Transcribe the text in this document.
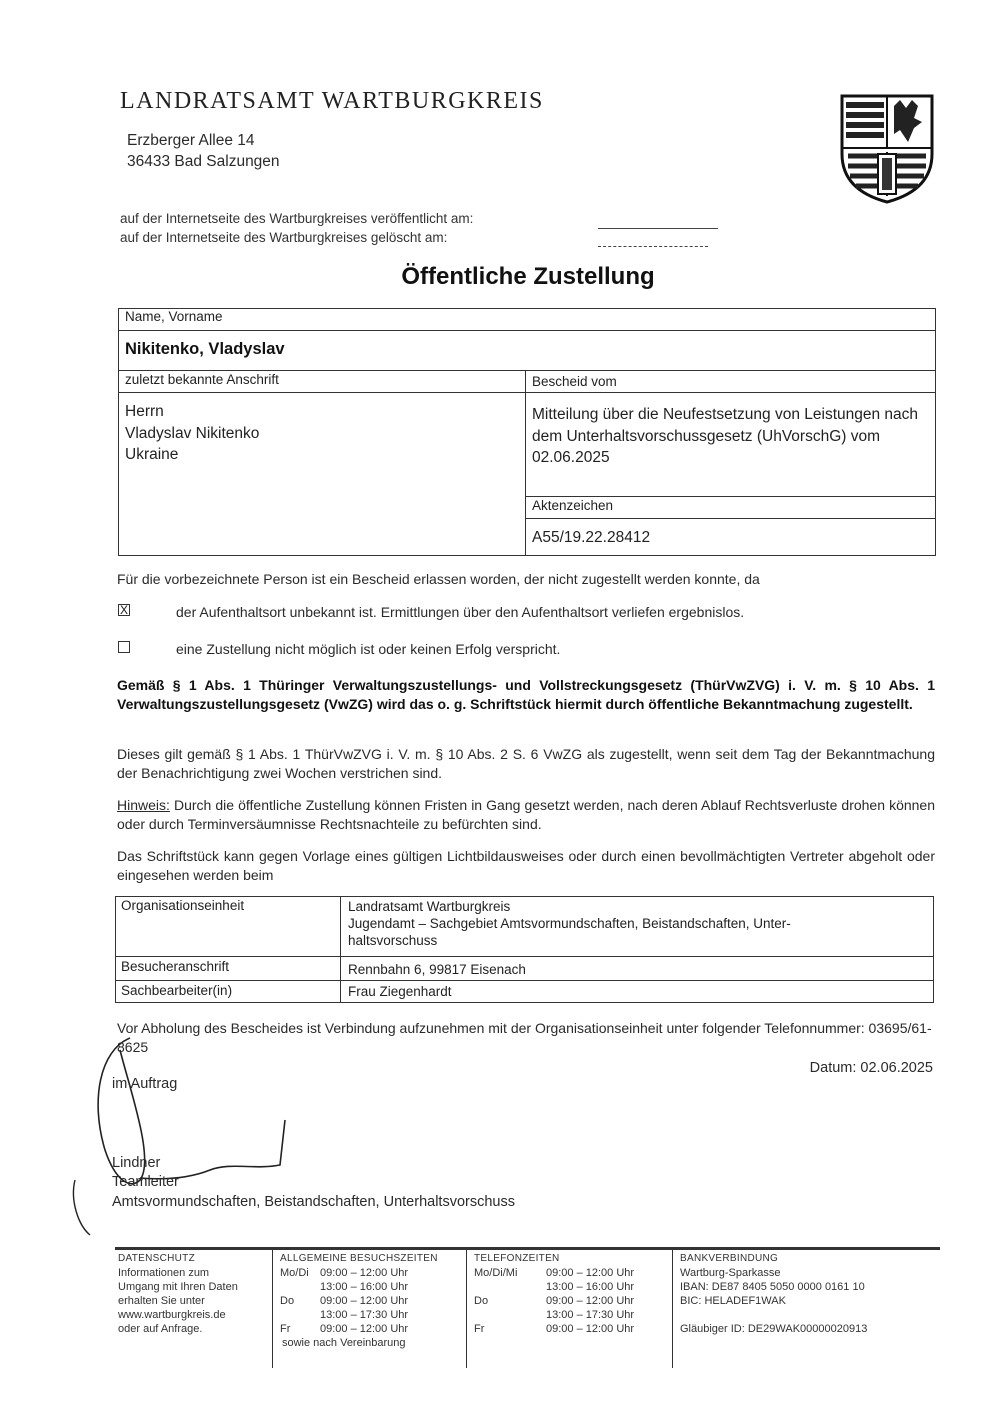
LANDRATSAMT WARTBURGKREIS
Erzberger Allee 14
36433 Bad Salzungen
auf der Internetseite des Wartburgkreises veröffentlicht am:
auf der Internetseite des Wartburgkreises gelöscht am:
Öffentliche Zustellung
Name, Vorname
Nikitenko, Vladyslav
zuletzt bekannte Anschrift	Bescheid vom
Herrn
Vladyslav Nikitenko
Ukraine
Mitteilung über die Neufestsetzung von Leistungen nach dem Unterhaltsvorschussgesetz (UhVorschG) vom 02.06.2025
Aktenzeichen
A55/19.22.28412
Für die vorbezeichnete Person ist ein Bescheid erlassen worden, der nicht zugestellt werden konnte, da
X	der Aufenthaltsort unbekannt ist. Ermittlungen über den Aufenthaltsort verliefen ergebnislos.
eine Zustellung nicht möglich ist oder keinen Erfolg verspricht.
Gemäß § 1 Abs. 1 Thüringer Verwaltungszustellungs- und Vollstreckungsgesetz (ThürVwZVG) i. V. m. § 10 Abs. 1 Verwaltungszustellungsgesetz (VwZG) wird das o. g. Schriftstück hiermit durch öffentliche Bekanntmachung zugestellt.
Dieses gilt gemäß § 1 Abs. 1 ThürVwZVG i. V. m. § 10 Abs. 2 S. 6 VwZG als zugestellt, wenn seit dem Tag der Bekanntmachung der Benachrichtigung zwei Wochen verstrichen sind.
Hinweis: Durch die öffentliche Zustellung können Fristen in Gang gesetzt werden, nach deren Ablauf Rechtsverluste drohen können oder durch Terminversäumnisse Rechtsnachteile zu befürchten sind.
Das Schriftstück kann gegen Vorlage eines gültigen Lichtbildausweises oder durch einen bevollmächtigten Vertreter abgeholt oder eingesehen werden beim
Organisationseinheit	Landratsamt Wartburgkreis
Jugendamt – Sachgebiet Amtsvormundschaften, Beistandschaften, Unter-
haltsvorschuss
Besucheranschrift	Rennbahn 6, 99817 Eisenach
Sachbearbeiter(in)	Frau Ziegenhardt
Vor Abholung des Bescheides ist Verbindung aufzunehmen mit der Organisationseinheit unter folgender Telefonnummer: 03695/61-8625
Datum: 02.06.2025
im Auftrag
Lindner
Teamleiter
Amtsvormundschaften, Beistandschaften, Unterhaltsvorschuss
DATENSCHUTZ
Informationen zum
Umgang mit Ihren Daten
erhalten Sie unter
www.wartburgkreis.de
oder auf Anfrage.
ALLGEMEINE BESUCHSZEITEN
Mo/Di	09:00 – 12:00 Uhr
13:00 – 16:00 Uhr
Do	09:00 – 12:00 Uhr
13:00 – 17:30 Uhr
Fr	09:00 – 12:00 Uhr
sowie nach Vereinbarung
TELEFONZEITEN
Mo/Di/Mi	09:00 – 12:00 Uhr
13:00 – 16:00 Uhr
Do	09:00 – 12:00 Uhr
13:00 – 17:30 Uhr
Fr	09:00 – 12:00 Uhr
BANKVERBINDUNG
Wartburg-Sparkasse
IBAN: DE87 8405 5050 0000 0161 10
BIC: HELADEF1WAK
Gläubiger ID: DE29WAK00000020913
